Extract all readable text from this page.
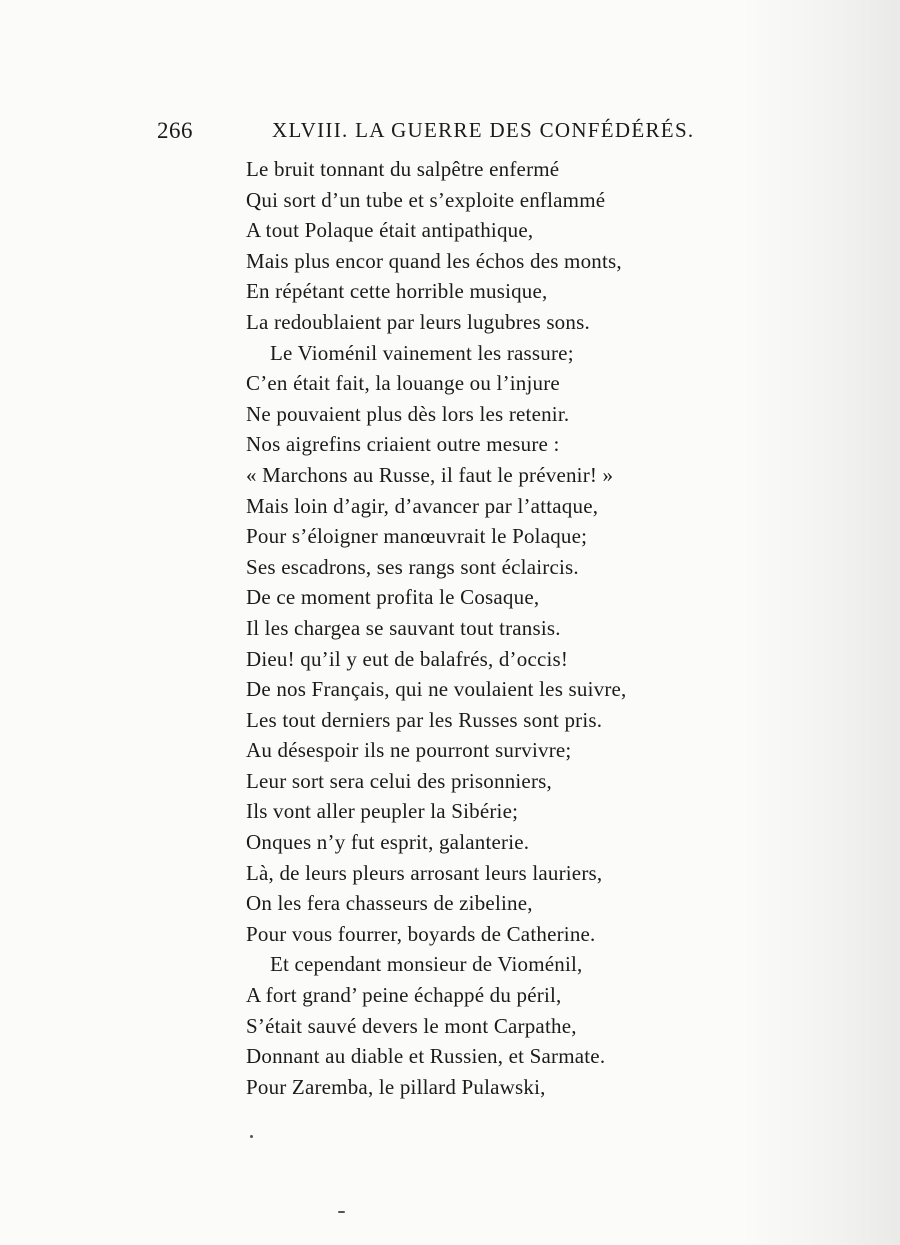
266	XLVIII. LA GUERRE DES CONFÉDÉRÉS.
Le bruit tonnant du salpêtre enfermé
Qui sort d’un tube et s’exploite enflammé
A tout Polaque était antipathique,
Mais plus encor quand les échos des monts,
En répétant cette horrible musique,
La redoublaient par leurs lugubres sons.
Le Vioménil vainement les rassure;
C’en était fait, la louange ou l’injure
Ne pouvaient plus dès lors les retenir.
Nos aigrefins criaient outre mesure :
« Marchons au Russe, il faut le prévenir! »
Mais loin d’agir, d’avancer par l’attaque,
Pour s’éloigner manœuvrait le Polaque;
Ses escadrons, ses rangs sont éclaircis.
De ce moment profita le Cosaque,
Il les chargea se sauvant tout transis.
Dieu! qu’il y eut de balafrés, d’occis!
De nos Français, qui ne voulaient les suivre,
Les tout derniers par les Russes sont pris.
Au désespoir ils ne pourront survivre;
Leur sort sera celui des prisonniers,
Ils vont aller peupler la Sibérie;
Onques n’y fut esprit, galanterie.
Là, de leurs pleurs arrosant leurs lauriers,
On les fera chasseurs de zibeline,
Pour vous fourrer, boyards de Catherine.
Et cependant monsieur de Vioménil,
A fort grand’ peine échappé du péril,
S’était sauvé devers le mont Carpathe,
Donnant au diable et Russien, et Sarmate.
Pour Zaremba, le pillard Pulawski,
